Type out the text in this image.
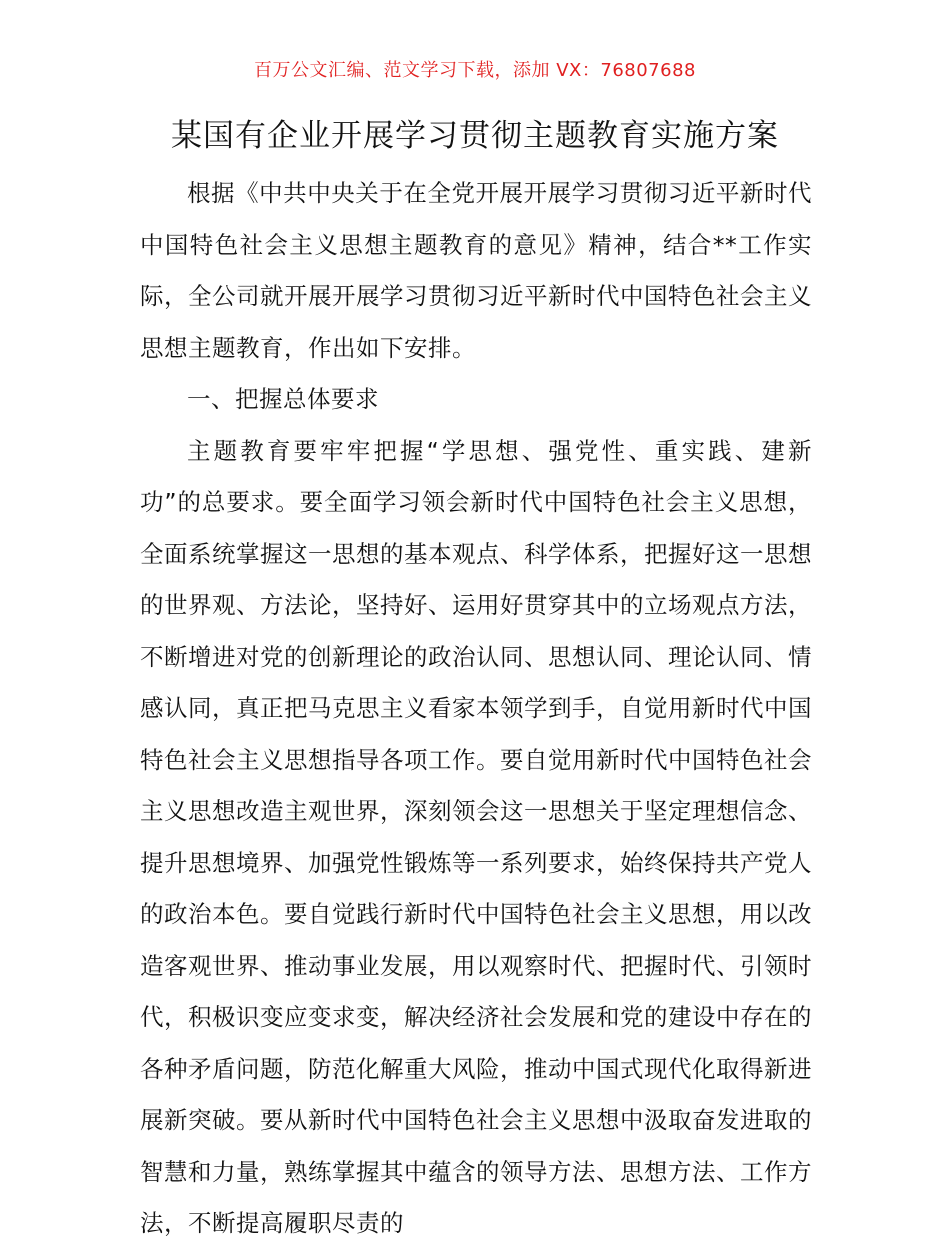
百万公文汇编、范文学习下载，添加 VX：76807688
某国有企业开展学习贯彻主题教育实施方案

根据《中共中央关于在全党开展开展学习贯彻习近平新时代中国特色社会主义思想主题教育的意见》精神，结合**工作实际，全公司就开展开展学习贯彻习近平新时代中国特色社会主义思想主题教育，作出如下安排。

一、把握总体要求

主题教育要牢牢把握“学思想、强党性、重实践、建新功”的总要求。要全面学习领会新时代中国特色社会主义思想，全面系统掌握这一思想的基本观点、科学体系，把握好这一思想的世界观、方法论，坚持好、运用好贯穿其中的立场观点方法，不断增进对党的创新理论的政治认同、思想认同、理论认同、情感认同，真正把马克思主义看家本领学到手，自觉用新时代中国特色社会主义思想指导各项工作。要自觉用新时代中国特色社会主义思想改造主观世界，深刻领会这一思想关于坚定理想信念、提升思想境界、加强党性锻炼等一系列要求，始终保持共产党人的政治本色。要自觉践行新时代中国特色社会主义思想，用以改造客观世界、推动事业发展，用以观察时代、把握时代、引领时代，积极识变应变求变，解决经济社会发展和党的建设中存在的各种矛盾问题，防范化解重大风险，推动中国式现代化取得新进展新突破。要从新时代中国特色社会主义思想中汲取奋发进取的智慧和力量，熟练掌握其中蕴含的领导方法、思想方法、工作方法，不断提高履职尽责的
